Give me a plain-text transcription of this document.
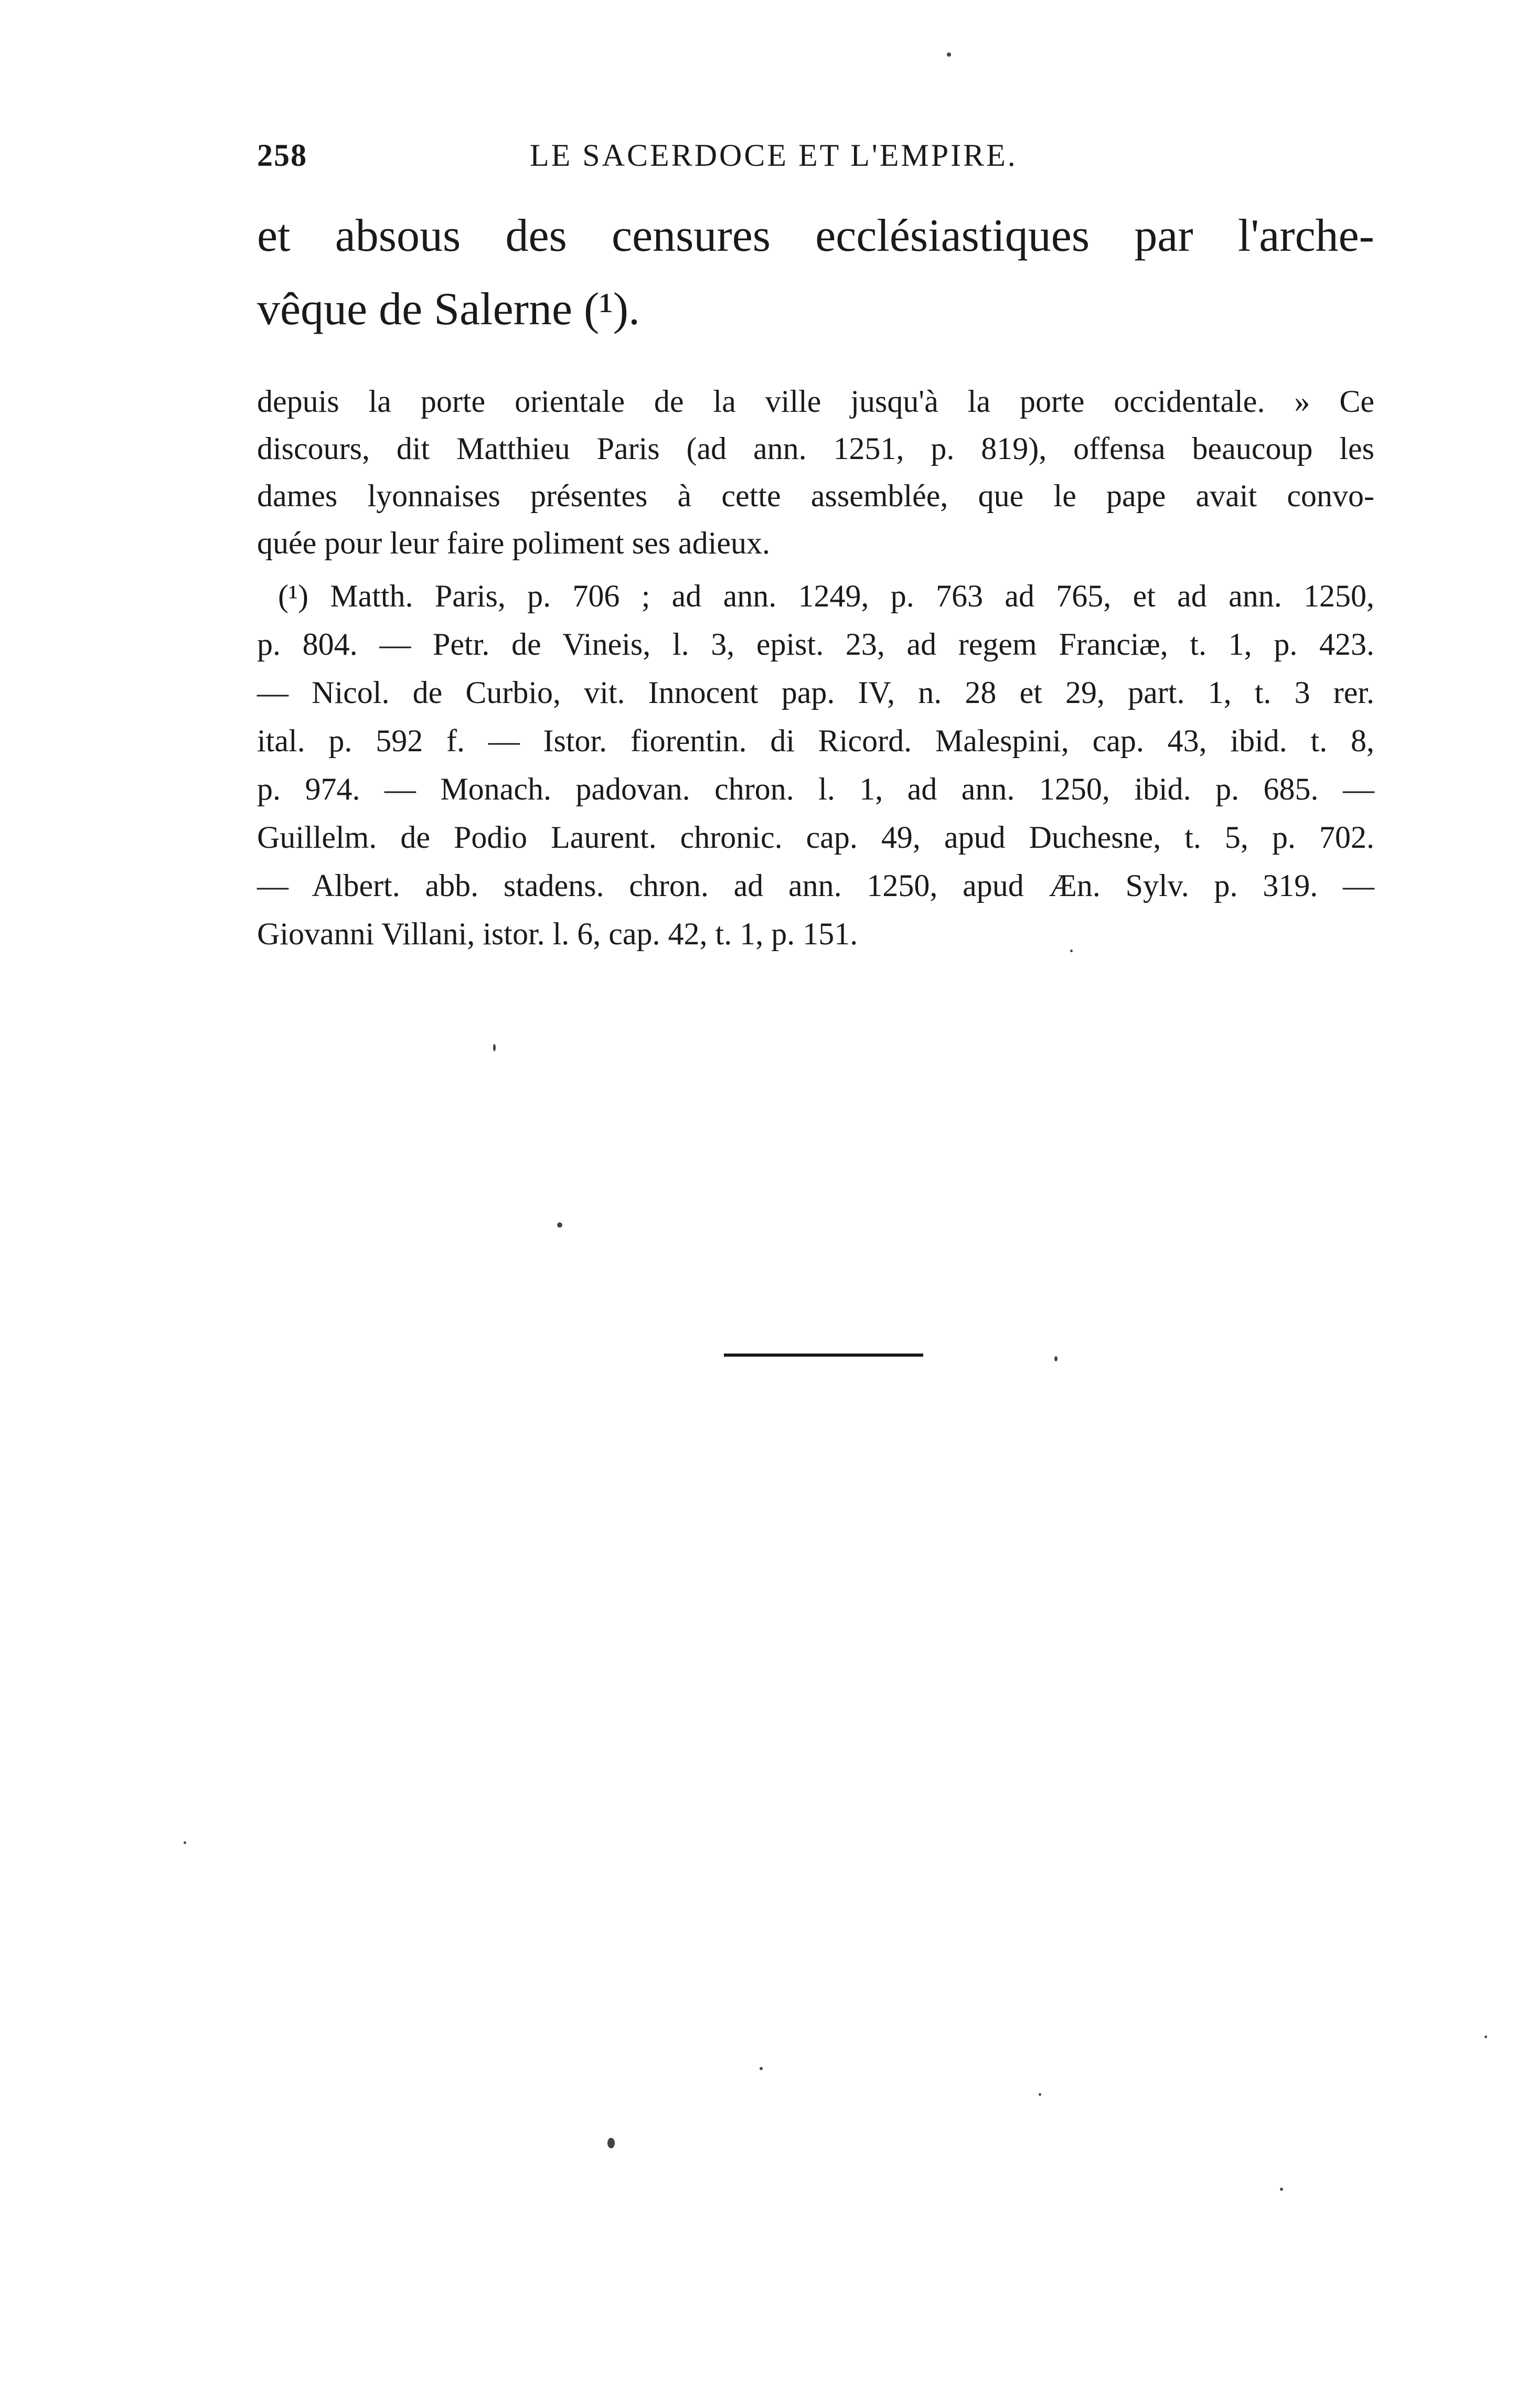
258	LE SACERDOCE ET L'EMPIRE.

et absous des censures ecclésiastiques par l'arche-
vêque de Salerne (¹).

depuis la porte orientale de la ville jusqu'à la porte occidentale. » Ce
discours, dit Matthieu Paris (ad ann. 1251, p. 819), offensa beaucoup les
dames lyonnaises présentes à cette assemblée, que le pape avait convo-
quée pour leur faire poliment ses adieux.

(¹) Matth. Paris, p. 706 ; ad ann. 1249, p. 763 ad 765, et ad ann. 1250,
p. 804. — Petr. de Vineis, l. 3, epist. 23, ad regem Franciæ, t. 1, p. 423.
— Nicol. de Curbio, vit. Innocent pap. IV, n. 28 et 29, part. 1, t. 3 rer.
ital. p. 592 f. — Istor. fiorentin. di Ricord. Malespini, cap. 43, ibid. t. 8,
p. 974. — Monach. padovan. chron. l. 1, ad ann. 1250, ibid. p. 685. —
Guillelm. de Podio Laurent. chronic. cap. 49, apud Duchesne, t. 5, p. 702.
— Albert. abb. stadens. chron. ad ann. 1250, apud Æn. Sylv. p. 319. —
Giovanni Villani, istor. l. 6, cap. 42, t. 1, p. 151.
